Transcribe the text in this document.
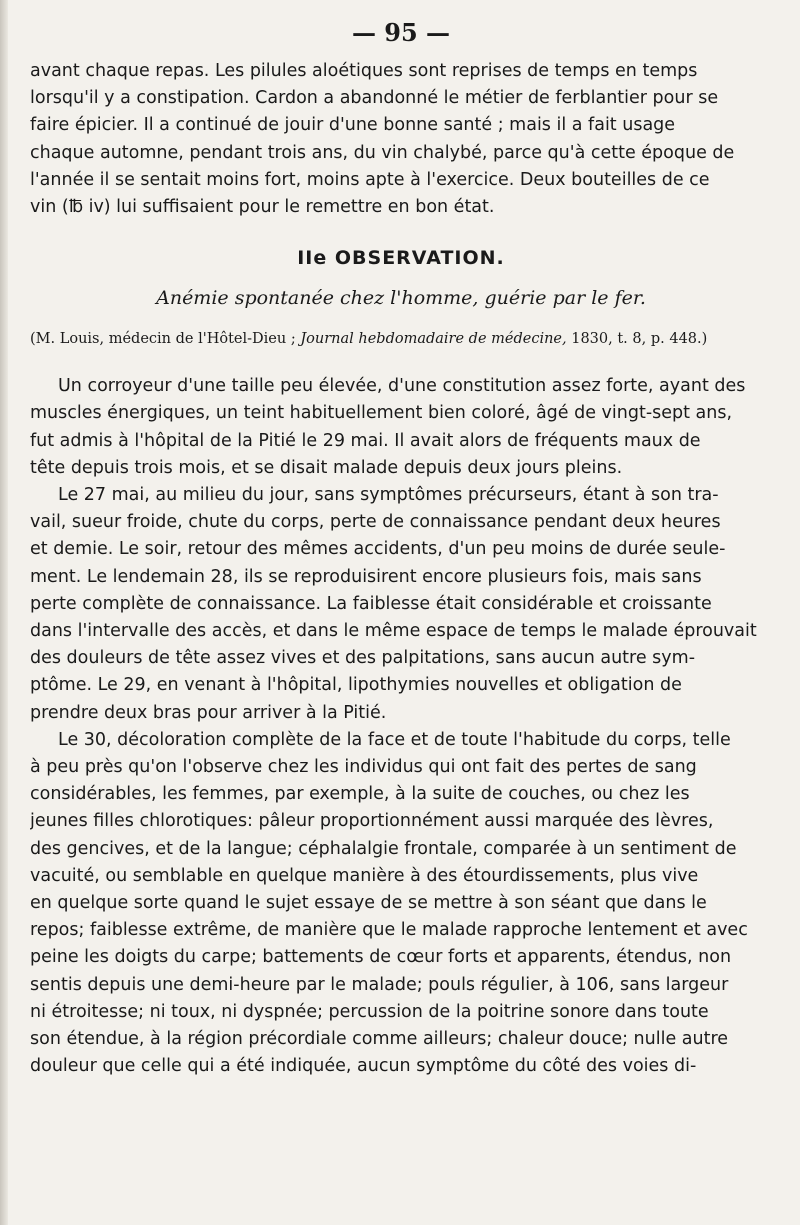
— 95 —
avant chaque repas. Les pilules aloétiques sont reprises de temps en temps
lorsqu'il y a constipation. Cardon a abandonné le métier de ferblantier pour se
faire épicier. Il a continué de jouir d'une bonne santé ; mais il a fait usage
chaque automne, pendant trois ans, du vin chalybé, parce qu'à cette époque de
l'année il se sentait moins fort, moins apte à l'exercice. Deux bouteilles de ce
vin (℔ iv) lui suffisaient pour le remettre en bon état.
IIe OBSERVATION.
Anémie spontanée chez l'homme, guérie par le fer.
(M. Louis, médecin de l'Hôtel-Dieu ; Journal hebdomadaire de médecine, 1830, t. 8, p. 448.)
Un corroyeur d'une taille peu élevée, d'une constitution assez forte, ayant des
muscles énergiques, un teint habituellement bien coloré, âgé de vingt-sept ans,
fut admis à l'hôpital de la Pitié le 29 mai. Il avait alors de fréquents maux de
tête depuis trois mois, et se disait malade depuis deux jours pleins.
Le 27 mai, au milieu du jour, sans symptômes précurseurs, étant à son tra-
vail, sueur froide, chute du corps, perte de connaissance pendant deux heures
et demie. Le soir, retour des mêmes accidents, d'un peu moins de durée seule-
ment. Le lendemain 28, ils se reproduisirent encore plusieurs fois, mais sans
perte complète de connaissance. La faiblesse était considérable et croissante
dans l'intervalle des accès, et dans le même espace de temps le malade éprouvait
des douleurs de tête assez vives et des palpitations, sans aucun autre sym-
ptôme. Le 29, en venant à l'hôpital, lipothymies nouvelles et obligation de
prendre deux bras pour arriver à la Pitié.
Le 30, décoloration complète de la face et de toute l'habitude du corps, telle
à peu près qu'on l'observe chez les individus qui ont fait des pertes de sang
considérables, les femmes, par exemple, à la suite de couches, ou chez les
jeunes filles chlorotiques: pâleur proportionnément aussi marquée des lèvres,
des gencives, et de la langue; céphalalgie frontale, comparée à un sentiment de
vacuité, ou semblable en quelque manière à des étourdissements, plus vive
en quelque sorte quand le sujet essaye de se mettre à son séant que dans le
repos; faiblesse extrême, de manière que le malade rapproche lentement et avec
peine les doigts du carpe; battements de cœur forts et apparents, étendus, non
sentis depuis une demi-heure par le malade; pouls régulier, à 106, sans largeur
ni étroitesse; ni toux, ni dyspnée; percussion de la poitrine sonore dans toute
son étendue, à la région précordiale comme ailleurs; chaleur douce; nulle autre
douleur que celle qui a été indiquée, aucun symptôme du côté des voies di-
